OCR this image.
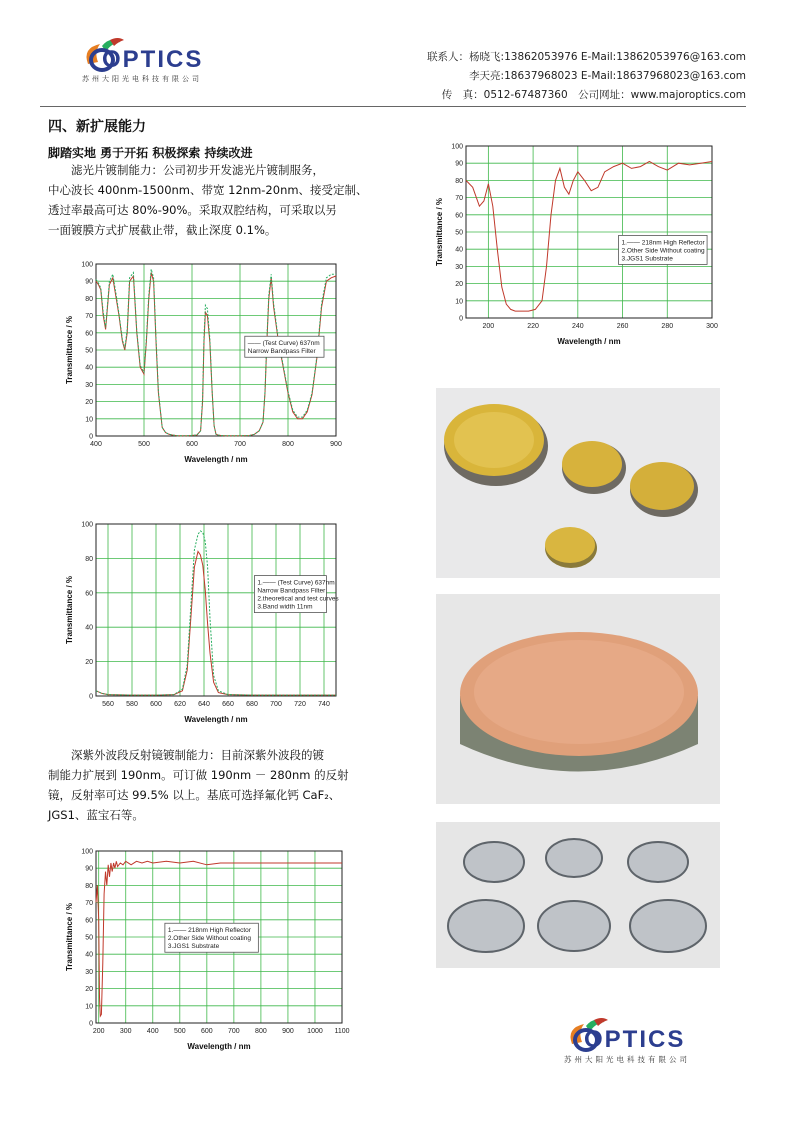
OPTICS
苏州大阳光电科技有限公司
联系人：杨晓飞:13862053976 E-Mail:13862053976@163.com
李天亮:18637968023 E-Mail:18637968023@163.com
传　真：0512-67487360　公司网址：www.majoroptics.com
四、新扩展能力
脚踏实地 勇于开拓 积极探索 持续改进
　　滤光片镀制能力：公司初步开发滤光片镀制服务，
中心波长 400nm-1500nm、带宽 12nm-20nm、接受定制、
透过率最高可达 80%-90%。采取双腔结构，可采取以另
一面镀膜方式扩展截止带，截止深度 0.1%。
　　深紫外波段反射镜镀制能力：目前深紫外波段的镀
制能力扩展到 190nm。可订做 190nm － 280nm 的反射
镜，反射率可达 99.5% 以上。基底可选择氟化钙 CaF₂、
JGS1、蓝宝石等。
400	500	600	700	800	900
0
10
20
30
40
50
60
70
80
90
100
Wavelength / nm
Transmittance / %	—— (Test Curve) 637nm
Narrow Bandpass Filter
560 580 600 620 640 660 680 700 720 740
0
20
40
60
80
100
Wavelength / nm
Transmittance / %	1.—— (Test Curve) 637nm
Narrow Bandpass Filter
2.theoretical and test curves
3.Band width 11nm
200 300 400 500 600 700 800 900 1000 1100
0
10
20
30
40
50
60
70
80
90
100
Wavelength / nm
Transmittance / %	1.—— 218nm High Reflector
2.Other Side Without coating
3.JGS1 Substrate
200	220	240	260	280	300
0
10
20
30
40
50
60
70
80
90
100
Wavelength / nm
Transmittance / %	1.—— 218nm High Reflector
2.Other Side Without coating
3.JGS1 Substrate
OPTICS
苏州大阳光电科技有限公司
